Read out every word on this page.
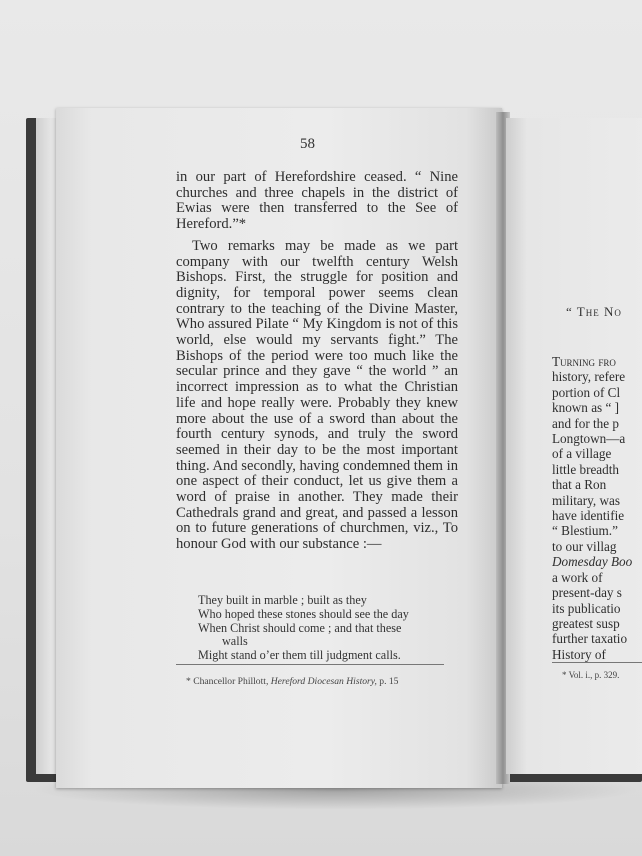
58

in our part of Herefordshire ceased. “ Nine churches and three chapels in the district of Ewias were then transferred to the See of Hereford.”*

Two remarks may be made as we part company with our twelfth century Welsh Bishops. First, the struggle for position and dignity, for temporal power seems clean contrary to the teaching of the Divine Master, Who assured Pilate “ My Kingdom is not of this world, else would my servants fight.” The Bishops of the period were too much like the secular prince and they gave “ the world ” an incorrect impression as to what the Christian life and hope really were. Probably they knew more about the use of a sword than about the fourth century synods, and truly the sword seemed in their day to be the most important thing. And secondly, having condemned them in one aspect of their conduct, let us give them a word of praise in another. They made their Cathedrals grand and great, and passed a lesson on to future generations of churchmen, viz., To honour God with our substance :—

They built in marble ; built as they
Who hoped these stones should see the day
When Christ should come ; and that these
walls
Might stand o’er them till judgment calls.
* Chancellor Phillott, Hereford Diocesan History, p. 15
“ The No
Turning fro
history, refere
portion of Cl
known as “ ]
and for the p
Longtown—a
of a village
little breadth
that a Ron
military, was
have identifie
“ Blestium.”
to our villag
Domesday Boo
a work of
present-day s
its publicatio
greatest susp
further taxatio
History of
* Vol. i., p. 329.
